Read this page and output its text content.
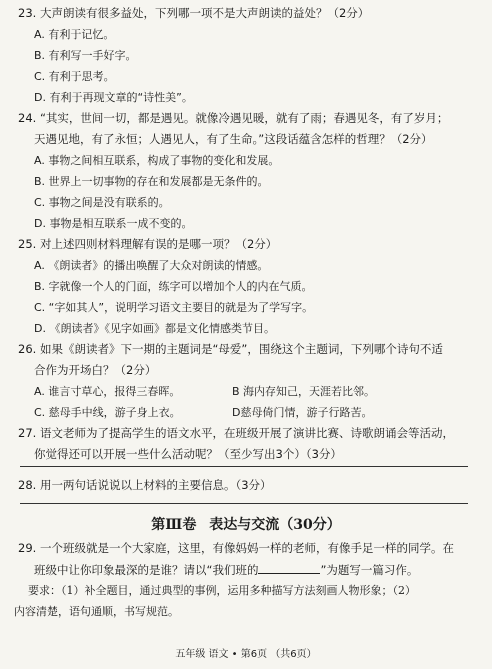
23. 大声朗读有很多益处，下列哪一项不是大声朗读的益处？（2分）
A. 有利于记忆。
B. 有利写一手好字。
C. 有利于思考。
D. 有利于再现文章的“诗性美”。
24. “其实，世间一切，都是遇见。就像冷遇见暖，就有了雨；春遇见冬，有了岁月；
天遇见地，有了永恒；人遇见人，有了生命。”这段话蕴含怎样的哲理？（2分）
A. 事物之间相互联系，构成了事物的变化和发展。
B. 世界上一切事物的存在和发展都是无条件的。
C. 事物之间是没有联系的。
D. 事物是相互联系一成不变的。
25. 对上述四则材料理解有误的是哪一项？（2分）
A. 《朗读者》的播出唤醒了大众对朗读的情感。
B. 字就像一个人的门面，练字可以增加个人的内在气质。
C. “字如其人”，说明学习语文主要目的就是为了学写字。
D. 《朗读者》《见字如画》都是文化情感类节目。
26. 如果《朗读者》下一期的主题词是“母爱”，围绕这个主题词，下列哪个诗句不适
合作为开场白？（2分）
A. 谁言寸草心，报得三春晖。	B 海内存知己，天涯若比邻。
C. 慈母手中线，游子身上衣。	D慈母倚门情，游子行路苦。
27. 语文老师为了提高学生的语文水平，在班级开展了演讲比赛、诗歌朗诵会等活动，
你觉得还可以开展一些什么活动呢？（至少写出3个）（3分）
28. 用一两句话说说以上材料的主要信息。（3分）
第Ⅲ卷 表达与交流（30分）
29. 一个班级就是一个大家庭，这里，有像妈妈一样的老师，有像手足一样的同学。在
班级中让你印象最深的是谁？请以“我们班的	”为题写一篇习作。
要求：（1）补全题目，通过典型的事例，运用多种描写方法刻画人物形象；（2）
内容清楚，语句通顺，书写规范。
五年级 语文 • 第6页 （共6页）
